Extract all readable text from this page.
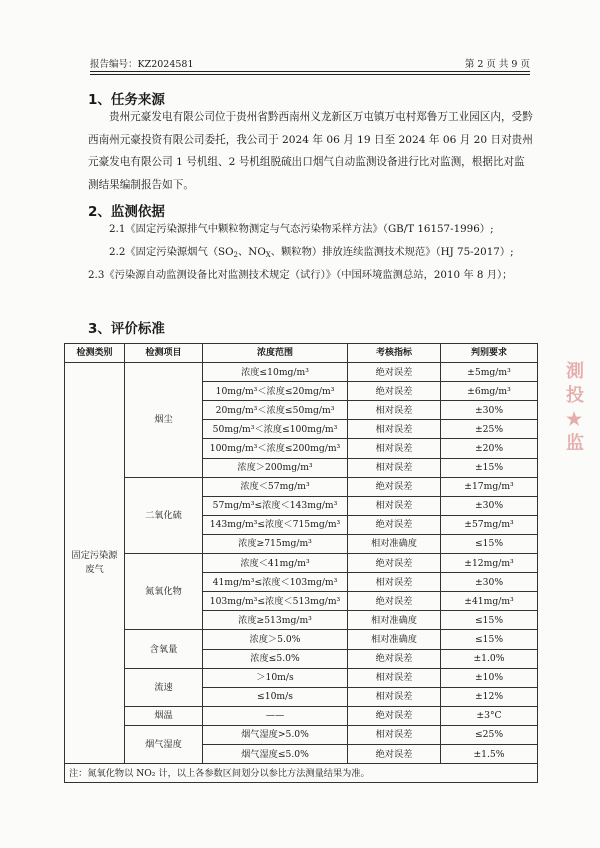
报告编号：KZ2024581	第 2 页 共 9 页
1、任务来源

贵州元豪发电有限公司位于贵州省黔西南州义龙新区万屯镇万屯村郑鲁万工业园区内，受黔西南州元豪投资有限公司委托，我公司于 2024 年 06 月 19 日至 2024 年 06 月 20 日对贵州元豪发电有限公司 1 号机组、2 号机组脱硫出口烟气自动监测设备进行比对监测，根据比对监测结果编制报告如下。

2、监测依据

2.1《固定污染源排气中颗粒物测定与气态污染物采样方法》（GB/T 16157-1996）;

2.2《固定污染源烟气（$SO_2$、$NO_X$、颗粒物）排放连续监测技术规范》（HJ 75-2017）;

2.3《污染源自动监测设备比对监测技术规定（试行）》（中国环境监测总站，2010 年 8 月）；

3、评价标准
检测类别	检测项目	浓度范围	考核指标	判别要求
固定污染源废气	烟尘	浓度≤10mg/m³	绝对误差	±5mg/m³
		10mg/m³＜浓度≤20mg/m³	绝对误差	±6mg/m³
		20mg/m³＜浓度≤50mg/m³	相对误差	±30%
		50mg/m³＜浓度≤100mg/m³	相对误差	±25%
		100mg/m³＜浓度≤200mg/m³	相对误差	±20%
		浓度＞200mg/m³	相对误差	±15%
	二氧化硫	浓度＜57mg/m³	绝对误差	±17mg/m³
		57mg/m³≤浓度＜143mg/m³	相对误差	±30%
		143mg/m³≤浓度＜715mg/m³	绝对误差	±57mg/m³
		浓度≥715mg/m³	相对准确度	≤15%
	氮氧化物	浓度＜41mg/m³	绝对误差	±12mg/m³
		41mg/m³≤浓度＜103mg/m³	相对误差	±30%
		103mg/m³≤浓度＜513mg/m³	绝对误差	±41mg/m³
		浓度≥513mg/m³	相对准确度	≤15%
	含氧量	浓度＞5.0%	相对准确度	≤15%
		浓度≤5.0%	绝对误差	±1.0%
	流速	＞10m/s	相对误差	±10%
		≤10m/s	相对误差	±12%
	烟温	——	绝对误差	±3°C
	烟气湿度	烟气湿度>5.0%	相对误差	≤25%
		烟气湿度≤5.0%	绝对误差	±1.5%
注：氮氧化物以 NO₂ 计，以上各参数区间划分以参比方法测量结果为准。				
測
投
★
监
